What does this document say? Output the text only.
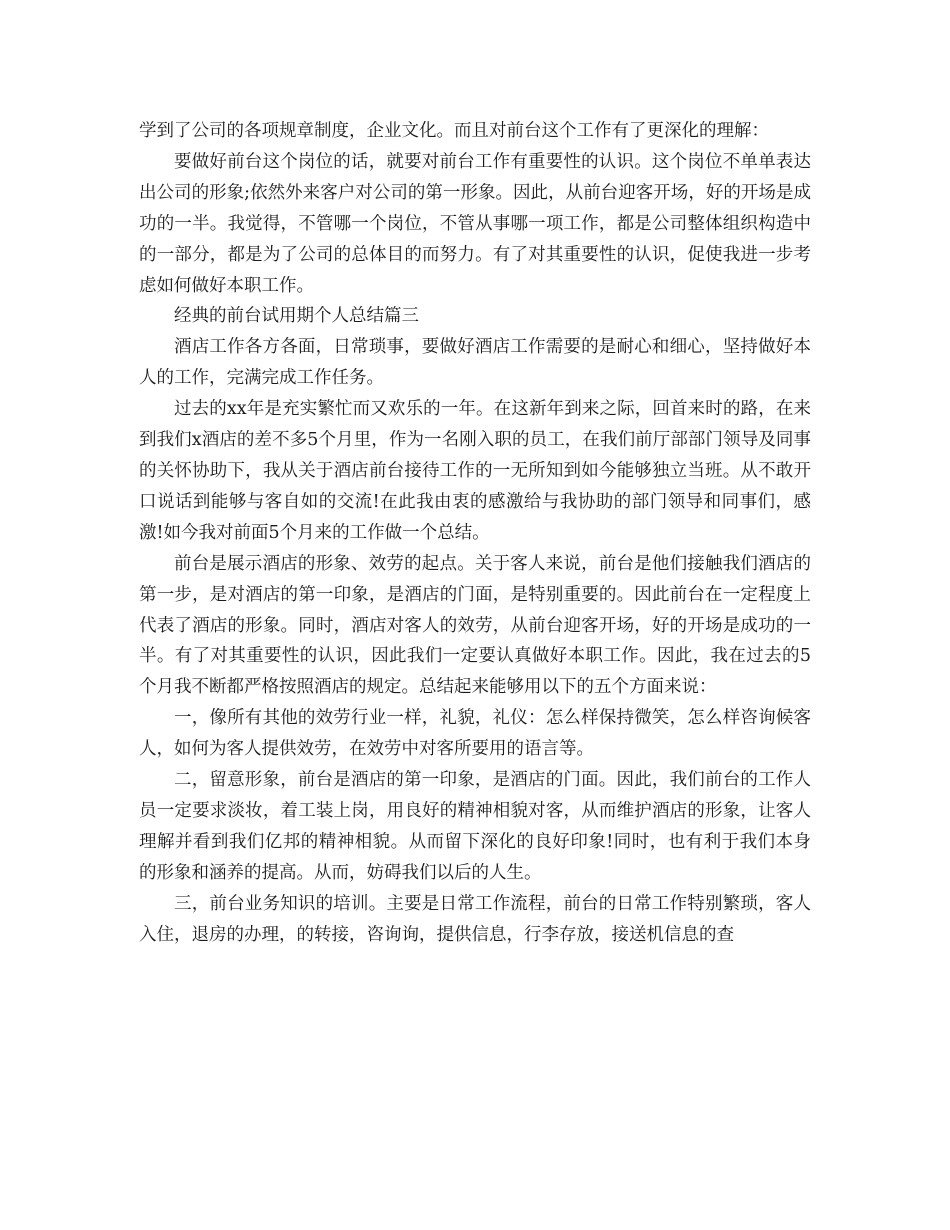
学到了公司的各项规章制度，企业文化。而且对前台这个工作有了更深化的理解：

要做好前台这个岗位的话，就要对前台工作有重要性的认识。这个岗位不单单表达出公司的形象;依然外来客户对公司的第一形象。因此，从前台迎客开场，好的开场是成功的一半。我觉得，不管哪一个岗位，不管从事哪一项工作，都是公司整体组织构造中的一部分，都是为了公司的总体目的而努力。有了对其重要性的认识，促使我进一步考虑如何做好本职工作。

经典的前台试用期个人总结篇三

酒店工作各方各面，日常琐事，要做好酒店工作需要的是耐心和细心，坚持做好本人的工作，完满完成工作任务。

过去的xx年是充实繁忙而又欢乐的一年。在这新年到来之际，回首来时的路，在来到我们x酒店的差不多5个月里，作为一名刚入职的员工，在我们前厅部部门领导及同事的关怀协助下，我从关于酒店前台接待工作的一无所知到如今能够独立当班。从不敢开口说话到能够与客自如的交流!在此我由衷的感激给与我协助的部门领导和同事们，感激!如今我对前面5个月来的工作做一个总结。

前台是展示酒店的形象、效劳的起点。关于客人来说，前台是他们接触我们酒店的第一步，是对酒店的第一印象，是酒店的门面，是特别重要的。因此前台在一定程度上代表了酒店的形象。同时，酒店对客人的效劳，从前台迎客开场，好的开场是成功的一半。有了对其重要性的认识，因此我们一定要认真做好本职工作。因此，我在过去的5个月我不断都严格按照酒店的规定。总结起来能够用以下的五个方面来说：

一，像所有其他的效劳行业一样，礼貌，礼仪：怎么样保持微笑，怎么样咨询候客人，如何为客人提供效劳，在效劳中对客所要用的语言等。

二，留意形象，前台是酒店的第一印象，是酒店的门面。因此，我们前台的工作人员一定要求淡妆，着工装上岗，用良好的精神相貌对客，从而维护酒店的形象，让客人理解并看到我们亿邦的精神相貌。从而留下深化的良好印象!同时，也有利于我们本身的形象和涵养的提高。从而，妨碍我们以后的人生。

三，前台业务知识的培训。主要是日常工作流程，前台的日常工作特别繁琐，客人入住，退房的办理，的转接，咨询询，提供信息，行李存放，接送机信息的查
